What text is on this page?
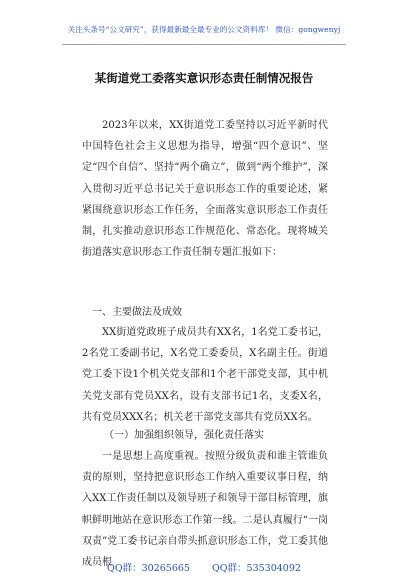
关注头条号“公文研究”，获得最新最全最专业的公文资料库！ 微信：gongwenyj
某街道党工委落实意识形态责任制情况报告
2023年以来，XX街道党工委坚持以习近平新时代中国特色社会主义思想为指导，增强“四个意识”、坚定“四个自信”、坚持“两个确立”，做到“两个维护”，深入贯彻习近平总书记关于意识形态工作的重要论述，紧紧围绕意识形态工作任务，全面落实意识形态工作责任制，扎实推动意识形态工作规范化、常态化。现将城关街道落实意识形态工作责任制专题汇报如下：
一、主要做法及成效
XX街道党政班子成员共有XX名，1名党工委书记，2名党工委副书记，X名党工委委员，X名副主任。街道党工委下设1个机关党支部和1个老干部党支部，其中机关党支部有党员XX名，设有支部书记1名，支委X名，共有党员XXX名；机关老干部党支部共有党员XX名。
（一）加强组织领导，强化责任落实
一是思想上高度重视。按照分级负责和谁主管谁负责的原则，坚持把意识形态工作纳入重要议事日程，纳入XX工作责任制以及领导班子和领导干部目标管理，旗帜鲜明地站在意识形态工作第一线。二是认真履行“一岗双责”党工委书记亲自带头抓意识形态工作，党工委其他成员根
QQ群：30265665 QQ群：535304092
